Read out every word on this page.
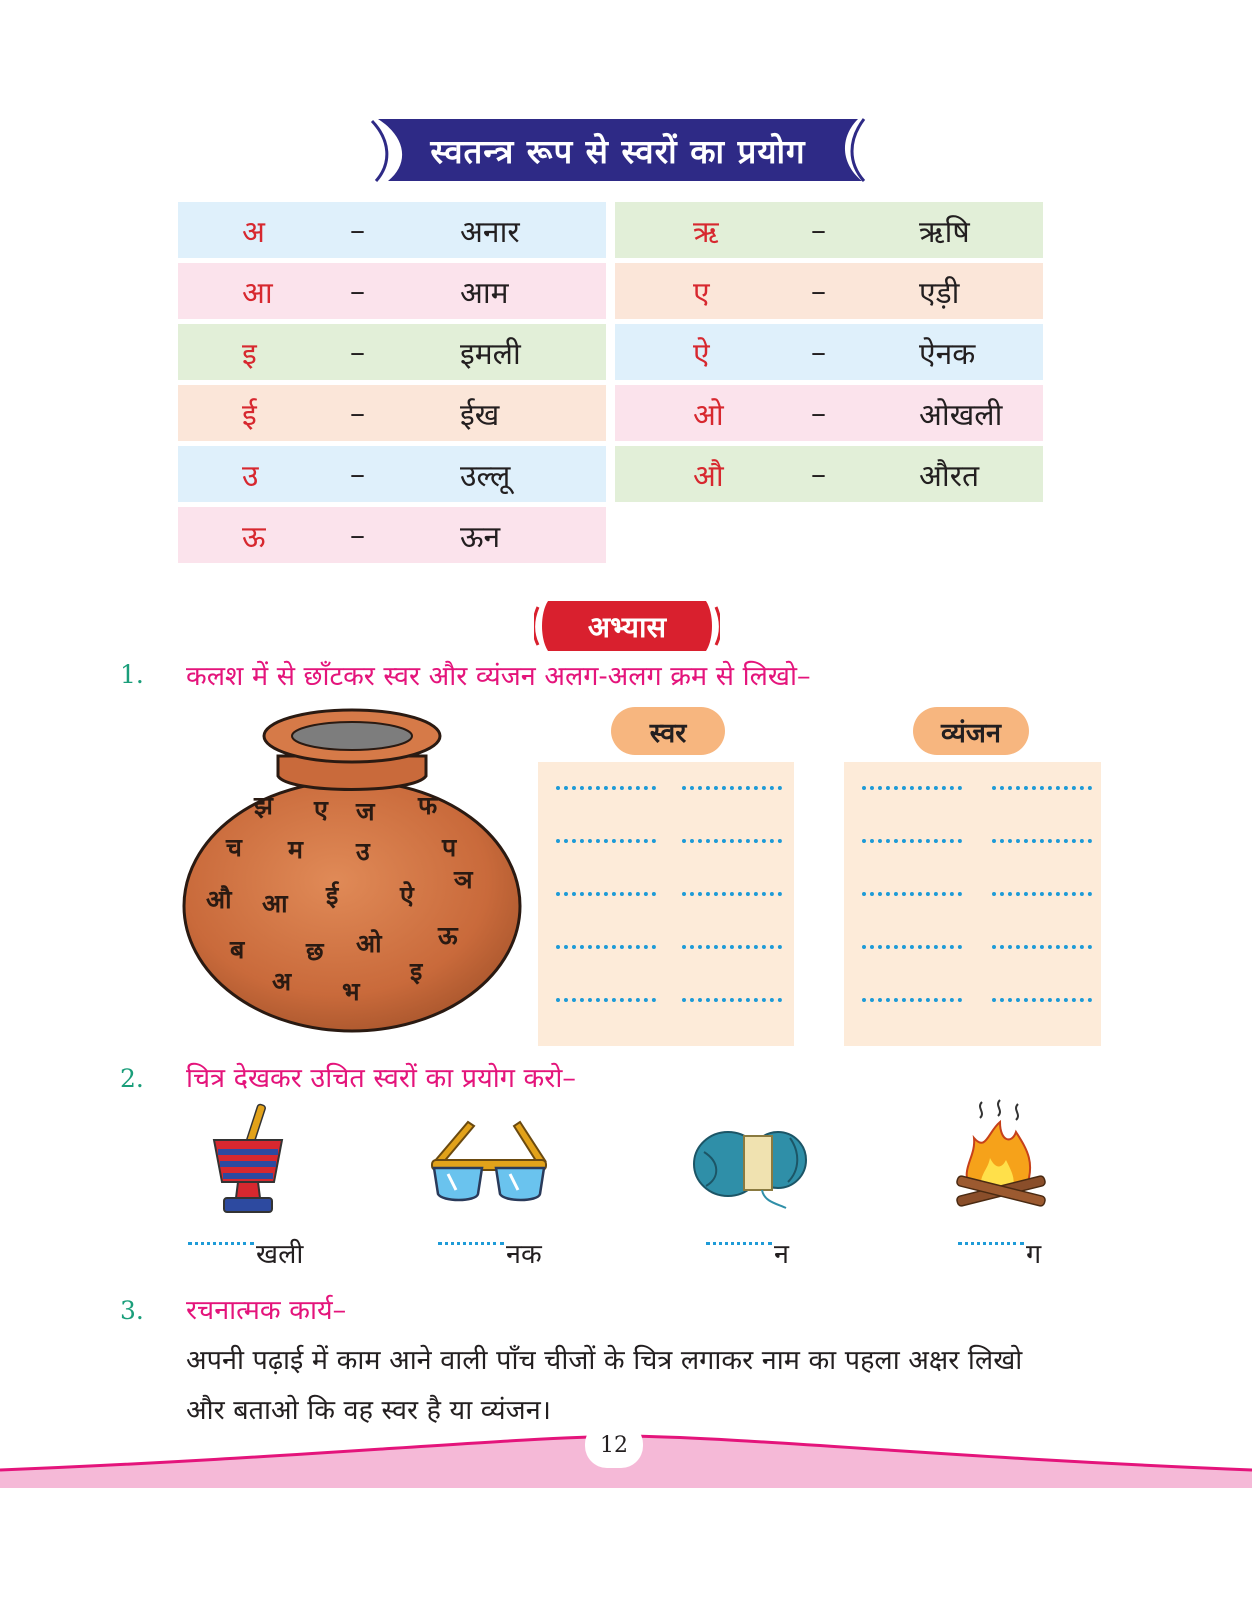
स्वतन्त्र रूप से स्वरों का प्रयोग
अ	–	अनार
आ	–	आम
इ	–	इमली
ई	–	ईख
उ	–	उल्लू
ऊ	–	ऊन
ऋ	–	ऋषि
ए	–	एड़ी
ऐ	–	ऐनक
ओ	–	ओखली
औ	–	औरत
अभ्यास
1. कलश में से छाँटकर स्वर और व्यंजन अलग-अलग क्रम से लिखो–
झ ए ज फ
च म उ	प
ञ
औ आ ई ऐ
ब छ ओ ऊ
इ
अ भ
स्वर	व्यंजन
2. चित्र देखकर उचित स्वरों का प्रयोग करो–
खली	नक	न	ग
3. रचनात्मक कार्य–
अपनी पढ़ाई में काम आने वाली पाँच चीजों के चित्र लगाकर नाम का पहला अक्षर लिखो
और बताओ कि वह स्वर है या व्यंजन।
12
